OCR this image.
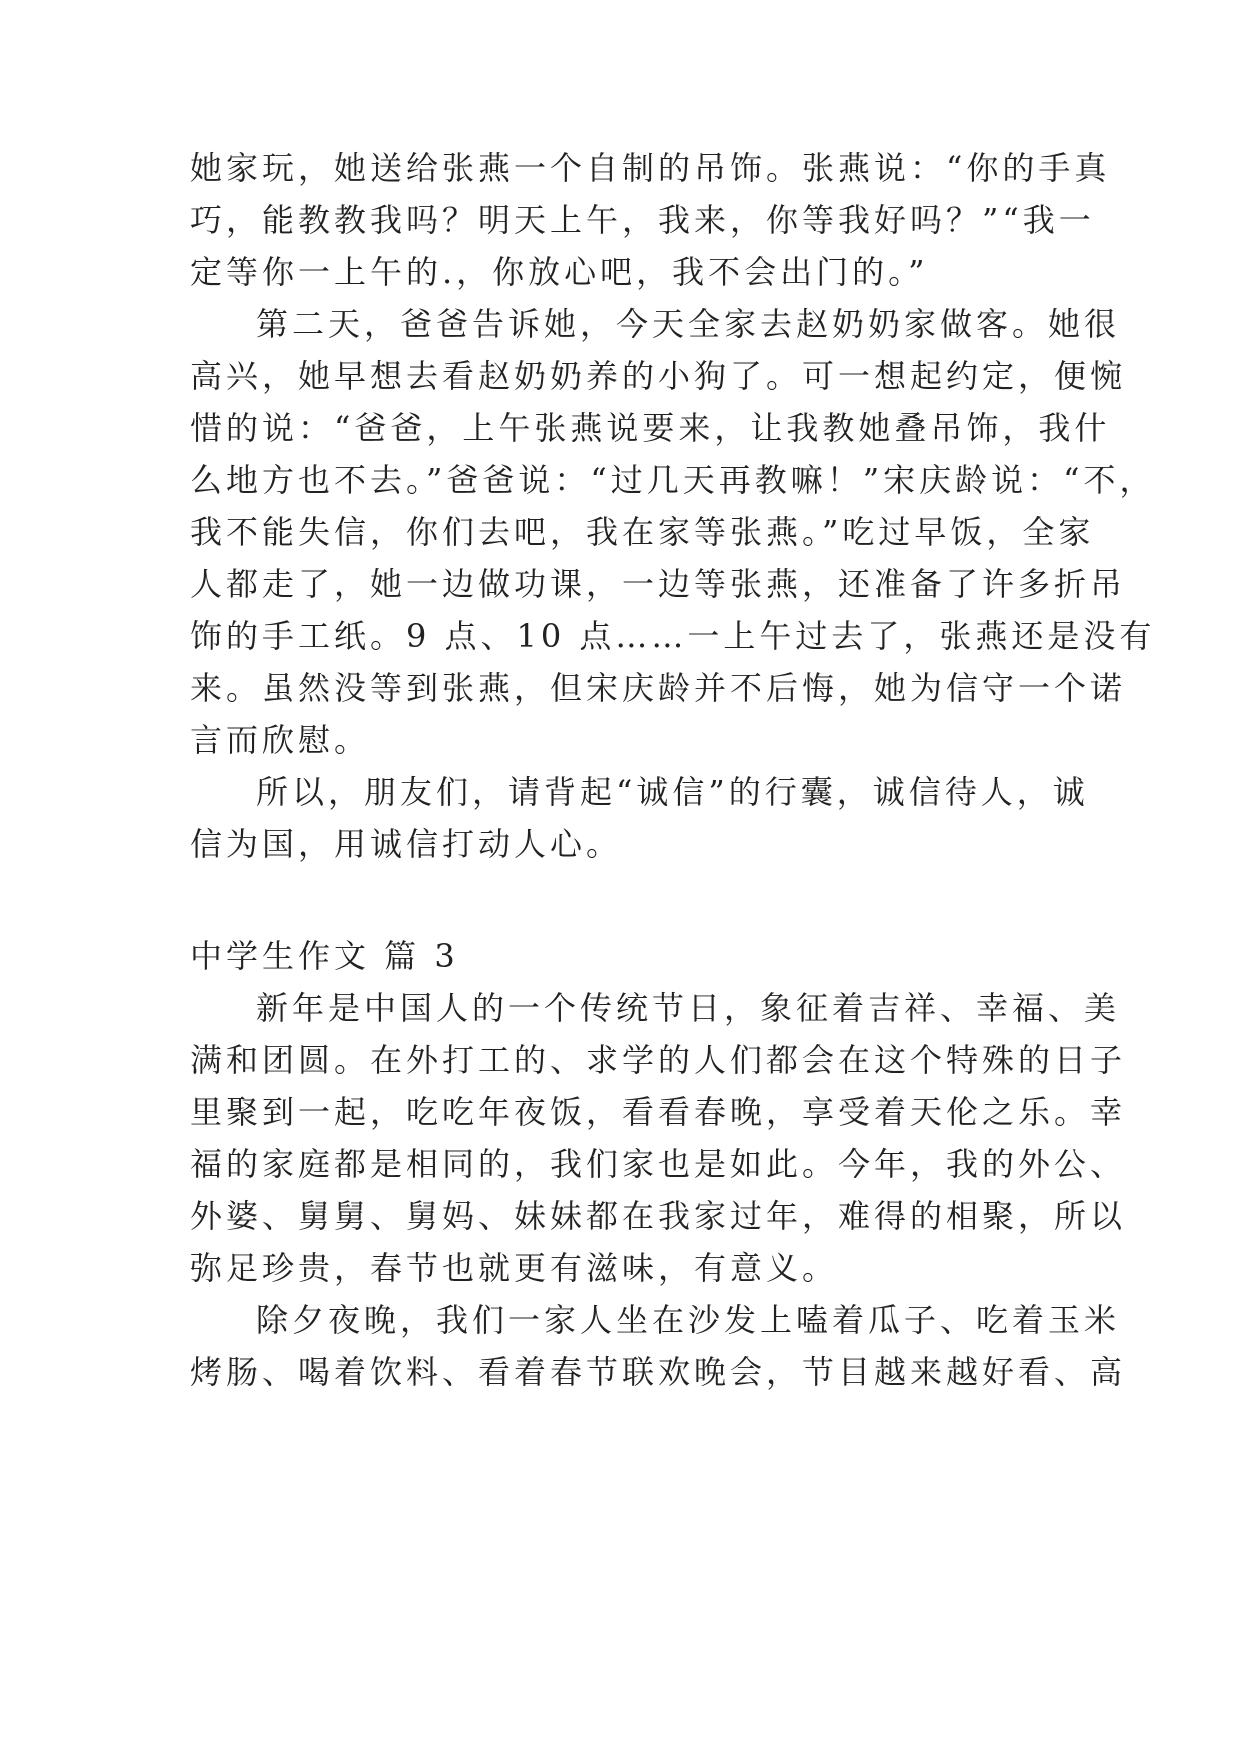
她家玩，她送给张燕一个自制的吊饰。张燕说：“你的手真
巧，能教教我吗？明天上午，我来，你等我好吗？”“我一
定等你一上午的.，你放心吧，我不会出门的。”
第二天，爸爸告诉她，今天全家去赵奶奶家做客。她很
高兴，她早想去看赵奶奶养的小狗了。可一想起约定，便惋
惜的说：“爸爸，上午张燕说要来，让我教她叠吊饰，我什
么地方也不去。”爸爸说：“过几天再教嘛！”宋庆龄说：“不，
我不能失信，你们去吧，我在家等张燕。”吃过早饭，全家
人都走了，她一边做功课，一边等张燕，还准备了许多折吊
饰的手工纸。9 点、10 点……一上午过去了，张燕还是没有
来。虽然没等到张燕，但宋庆龄并不后悔，她为信守一个诺
言而欣慰。
所以，朋友们，请背起“诚信”的行囊，诚信待人，诚
信为国，用诚信打动人心。
中学生作文 篇 3
新年是中国人的一个传统节日，象征着吉祥、幸福、美
满和团圆。在外打工的、求学的人们都会在这个特殊的日子
里聚到一起，吃吃年夜饭，看看春晚，享受着天伦之乐。幸
福的家庭都是相同的，我们家也是如此。今年，我的外公、
外婆、舅舅、舅妈、妹妹都在我家过年，难得的相聚，所以
弥足珍贵，春节也就更有滋味，有意义。
除夕夜晚，我们一家人坐在沙发上嗑着瓜子、吃着玉米
烤肠、喝着饮料、看着春节联欢晚会，节目越来越好看、高
